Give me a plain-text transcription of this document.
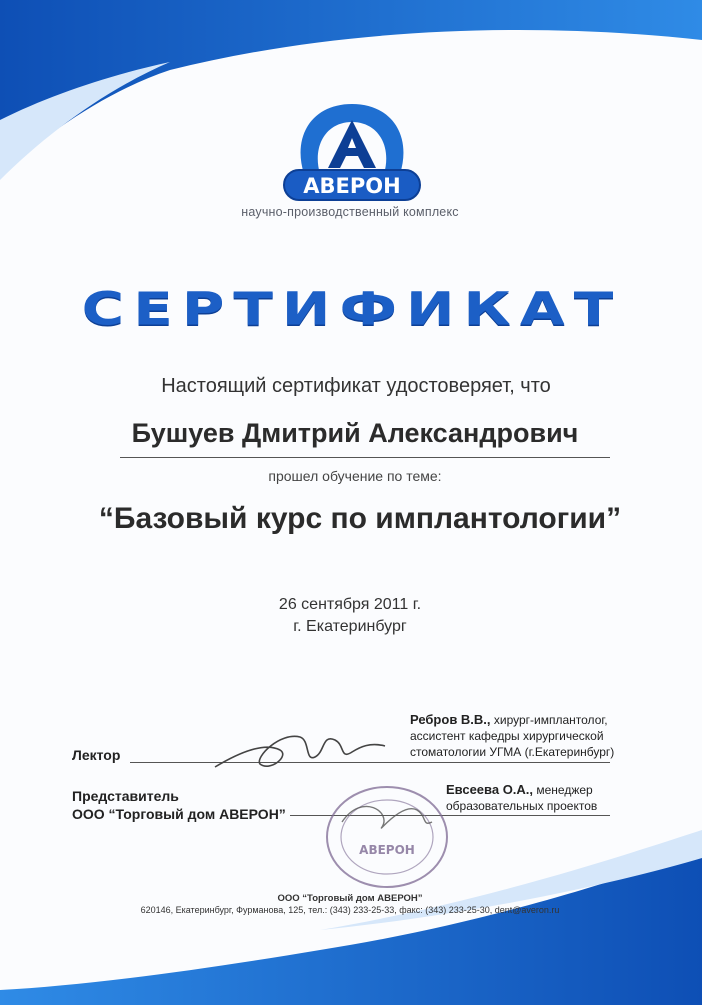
АВЕРОН
научно-производственный комплекс
СЕРТИФИКАТ
Настоящий сертификат удостоверяет, что
Бушуев Дмитрий Александрович
прошел обучение по теме:
“Базовый курс по имплантологии”
26 сентября 2011 г.
г. Екатеринбург
Ребров В.В., хирург-имплантолог,
ассистент кафедры хирургической
стоматологии УГМА (г.Екатеринбург)
Лектор
Представитель
ООО “Торговый дом АВЕРОН”
Евсеева О.А., менеджер
образовательных проектов
АВЕРОН
ООО “Торговый дом АВЕРОН”
620146, Екатеринбург, Фурманова, 125, тел.: (343) 233-25-33, факс: (343) 233-25-30, dent@averon.ru
